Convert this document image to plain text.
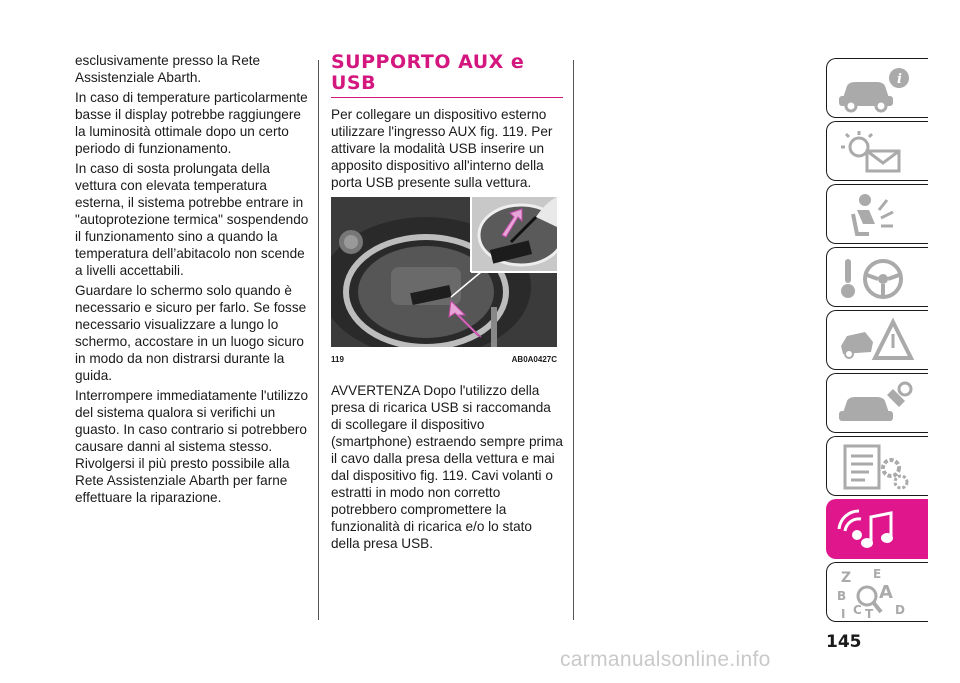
esclusivamente presso la Rete Assistenziale Abarth.

In caso di temperature particolarmente basse il display potrebbe raggiungere la luminosità ottimale dopo un certo periodo di funzionamento.

In caso di sosta prolungata della vettura con elevata temperatura esterna, il sistema potrebbe entrare in "autoprotezione termica" sospendendo il funzionamento sino a quando la temperatura dell’abitacolo non scende a livelli accettabili.

Guardare lo schermo solo quando è necessario e sicuro per farlo. Se fosse necessario visualizzare a lungo lo schermo, accostare in un luogo sicuro in modo da non distrarsi durante la guida.

Interrompere immediatamente l'utilizzo del sistema qualora si verifichi un guasto. In caso contrario si potrebbero causare danni al sistema stesso. Rivolgersi il più presto possibile alla Rete Assistenziale Abarth per farne effettuare la riparazione.

SUPPORTO AUX e USB

Per collegare un dispositivo esterno utilizzare l'ingresso AUX fig. 119. Per attivare la modalità USB inserire un apposito dispositivo all'interno della porta USB presente sulla vettura.

119	AB0A0427C

AVVERTENZA Dopo l'utilizzo della presa di ricarica USB si raccomanda di scollegare il dispositivo (smartphone) estraendo sempre prima il cavo dalla presa della vettura e mai dal dispositivo fig. 119. Cavi volanti o estratti in modo non corretto potrebbero compromettere la funzionalità di ricarica e/o lo stato della presa USB.

i
Z E
B A
C T D
I
145
carmanualsonline.info
